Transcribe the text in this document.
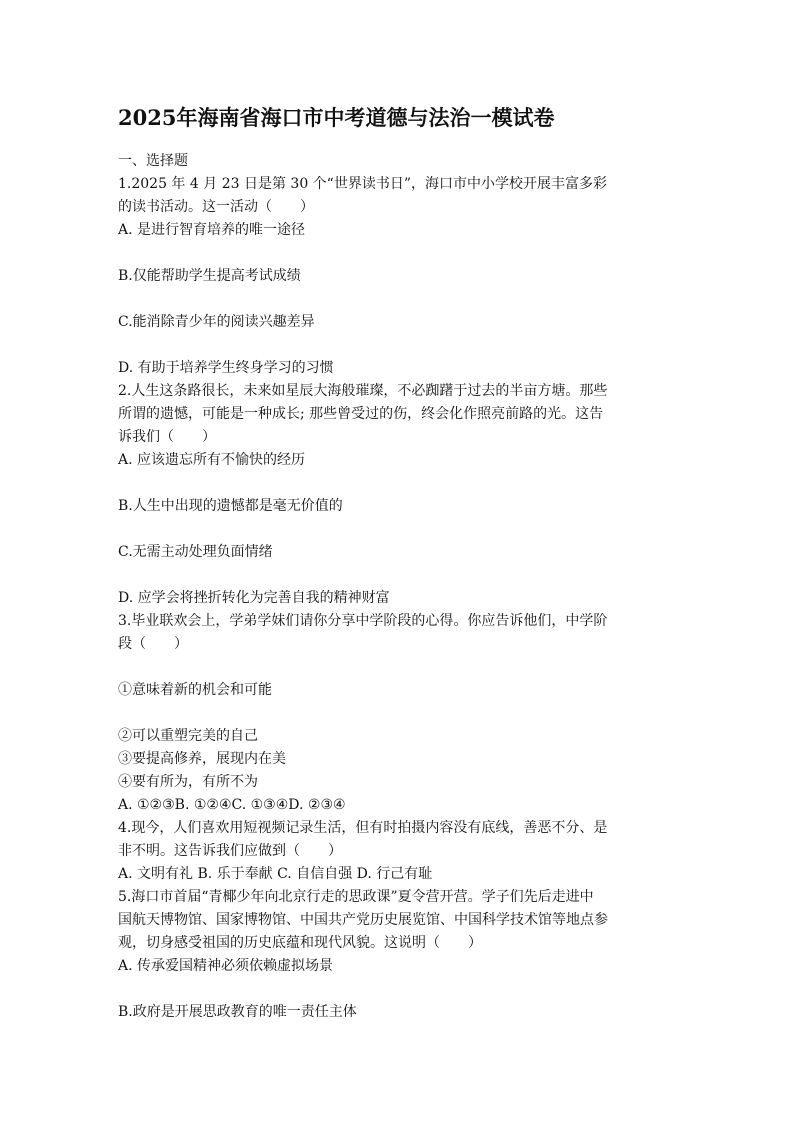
2025年海南省海口市中考道德与法治一模试卷
一、选择题
1.2025 年 4 月 23 日是第 30 个“世界读书日”，海口市中小学校开展丰富多彩
的读书活动。这一活动（　　）
A. 是进行智育培养的唯一途径
B.仅能帮助学生提高考试成绩
C.能消除青少年的阅读兴趣差异
D. 有助于培养学生终身学习的习惯
2.人生这条路很长，未来如星辰大海般璀璨，不必踟躇于过去的半亩方塘。那些
所谓的遗憾，可能是一种成长; 那些曾受过的伤，终会化作照亮前路的光。这告
诉我们（　　）
A. 应该遗忘所有不愉快的经历
B.人生中出现的遗憾都是毫无价值的
C.无需主动处理负面情绪
D. 应学会将挫折转化为完善自我的精神财富
3.毕业联欢会上，学弟学妹们请你分享中学阶段的心得。你应告诉他们，中学阶
段（　　）
①意味着新的机会和可能
②可以重塑完美的自己
③要提高修养，展现内在美
④要有所为，有所不为
A. ①②③B. ①②④C. ①③④D. ②③④
4.现今，人们喜欢用短视频记录生活，但有时拍摄内容没有底线，善恶不分、是
非不明。这告诉我们应做到（　　）
A. 文明有礼 B. 乐于奉献 C. 自信自强 D. 行己有耻
5.海口市首届“青椰少年向北京行走的思政课”夏令营开营。学子们先后走进中
国航天博物馆、国家博物馆、中国共产党历史展览馆、中国科学技术馆等地点参
观，切身感受祖国的历史底蕴和现代风貌。这说明（　　）
A. 传承爱国精神必须依赖虚拟场景
B.政府是开展思政教育的唯一责任主体
